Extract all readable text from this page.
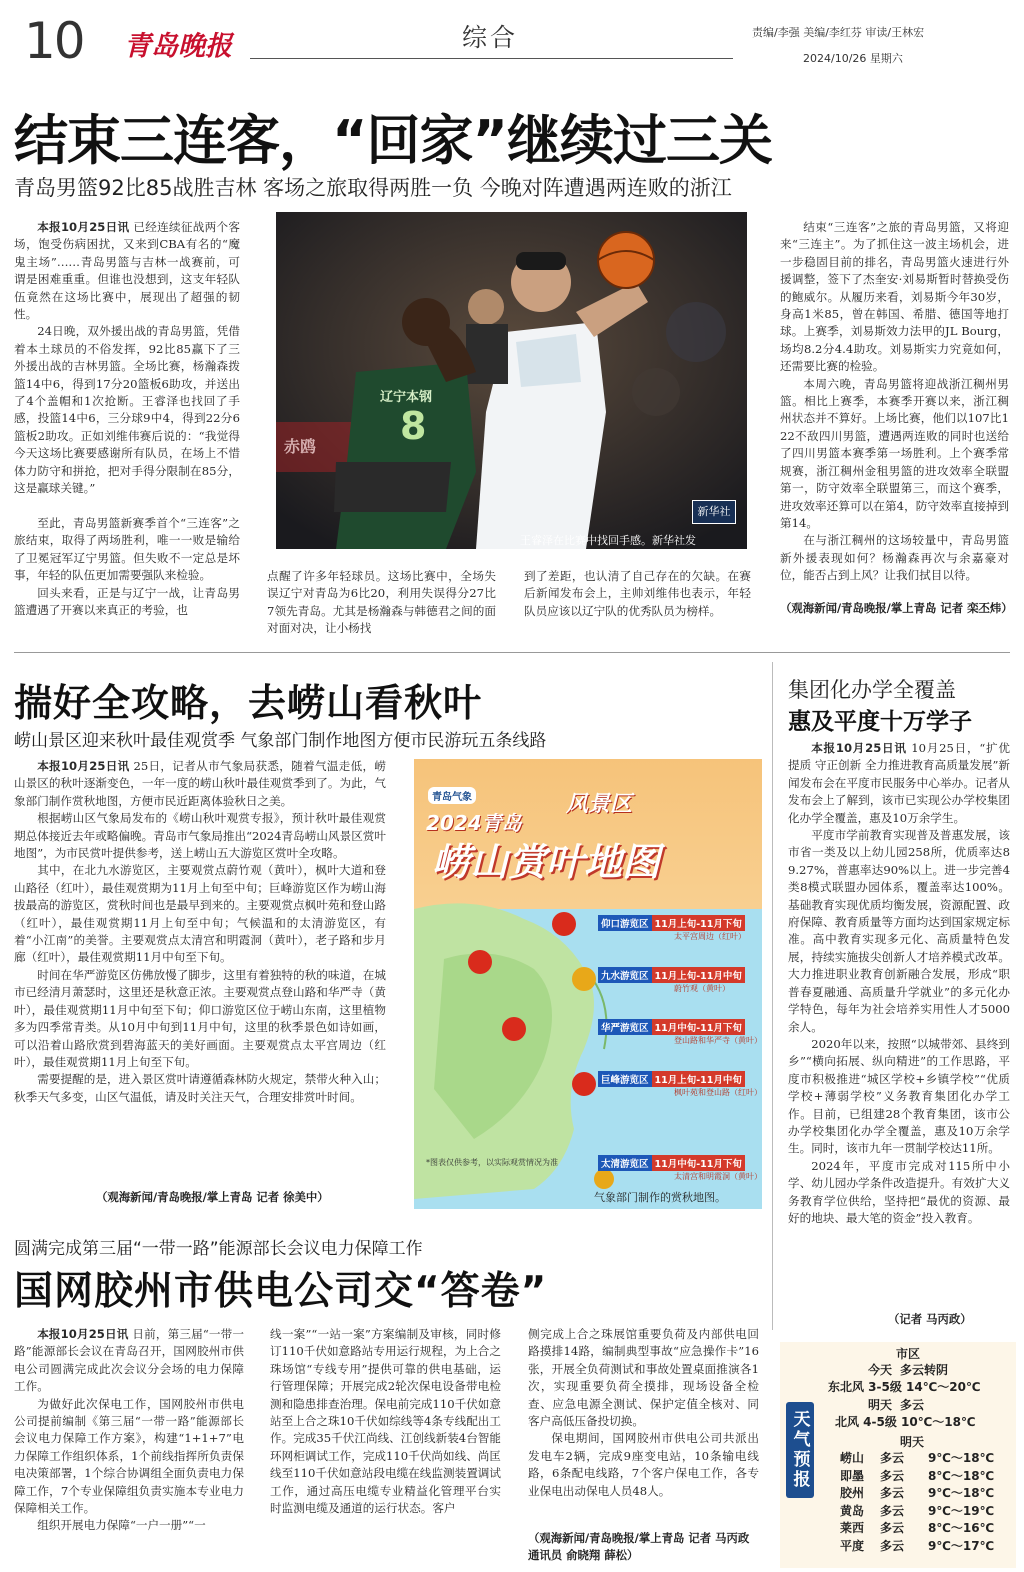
10 青岛晚报	综合	责编/李强 美编/李红芬 审读/王林宏
2024/10/26 星期六
结束三连客，“回家”继续过三关
青岛男篮92比85战胜吉林 客场之旅取得两胜一负 今晚对阵遭遇两连败的浙江

本报10月25日讯 已经连续征战两个客场，饱受伤病困扰，又来到CBA有名的“魔鬼主场”……青岛男篮与吉林一战赛前，可谓是困难重重。但谁也没想到，这支年轻队伍竟然在这场比赛中，展现出了超强的韧性。

24日晚，双外援出战的青岛男篮，凭借着本土球员的不俗发挥，92比85赢下了三外援出战的吉林男篮。全场比赛，杨瀚森拨篮14中6，得到17分20篮板6助攻，并送出了4个盖帽和1次抢断。王睿泽也找回了手感，投篮14中6，三分球9中4，得到22分6篮板2助攻。正如刘维伟赛后说的：“我觉得今天这场比赛要感谢所有队员，在场上不惜体力防守和拼抢，把对手得分限制在85分，这是赢球关键。”

至此，青岛男篮新赛季首个“三连客”之旅结束，取得了两场胜利，唯一一败是输给了卫冕冠军辽宁男篮。但失败不一定总是坏事，年轻的队伍更加需要强队来检验。

回头来看，正是与辽宁一战，让青岛男篮遭遇了开赛以来真正的考验，也

辽宁本钢
8
赤鸥
新华社
王睿泽在比赛中找回手感。新华社发

点醒了许多年轻球员。这场比赛中，全场失误辽宁对青岛为6比20，利用失误得分27比7领先青岛。尤其是杨瀚森与韩德君之间的面对面对决，让小杨找

到了差距，也认清了自己存在的欠缺。在赛后新闻发布会上，主帅刘维伟也表示，年轻队员应该以辽宁队的优秀队员为榜样。

结束“三连客”之旅的青岛男篮，又将迎来“三连主”。为了抓住这一波主场机会，进一步稳固目前的排名，青岛男篮火速进行外援调整，签下了杰奎安·刘易斯暂时替换受伤的鲍威尔。从履历来看，刘易斯今年30岁，身高1米85，曾在韩国、希腊、德国等地打球。上赛季，刘易斯效力法甲的JL Bourg，场均8.2分4.4助攻。刘易斯实力究竟如何，还需要比赛的检验。

本周六晚，青岛男篮将迎战浙江稠州男篮。相比上赛季，本赛季开赛以来，浙江稠州状态并不算好。上场比赛，他们以107比122不敌四川男篮，遭遇两连败的同时也送给了四川男篮本赛季第一场胜利。上个赛季常规赛，浙江稠州金租男篮的进攻效率全联盟第一，防守效率全联盟第三，而这个赛季，进攻效率还算可以在第4，防守效率直接掉到第14。

在与浙江稠州的这场较量中，青岛男篮新外援表现如何？杨瀚森再次与余嘉豪对位，能否占到上风？让我们拭目以待。

（观海新闻/青岛晚报/掌上青岛 记者 栾丕炜）
揣好全攻略，去崂山看秋叶
崂山景区迎来秋叶最佳观赏季 气象部门制作地图方便市民游玩五条线路

本报10月25日讯 25日，记者从市气象局获悉，随着气温走低，崂山景区的秋叶逐渐变色，一年一度的崂山秋叶最佳观赏季到了。为此，气象部门制作赏秋地图，方便市民近距离体验秋日之美。

根据崂山区气象局发布的《崂山秋叶观赏专报》，预计秋叶最佳观赏期总体接近去年或略偏晚。青岛市气象局推出“2024青岛崂山风景区赏叶地图”，为市民赏叶提供参考，送上崂山五大游览区赏叶全攻略。

其中，在北九水游览区，主要观赏点蔚竹观（黄叶），枫叶大道和登山路径（红叶），最佳观赏期为11月上旬至中旬；巨峰游览区作为崂山海拔最高的游览区，赏秋时间也是最早到来的。主要观赏点枫叶苑和登山路（红叶），最佳观赏期11月上旬至中旬；气候温和的太清游览区，有着“小江南”的美誉。主要观赏点太清宫和明霞洞（黄叶），老子路和步月廊（红叶），最佳观赏期11月中旬至下旬。

时间在华严游览区仿佛放慢了脚步，这里有着独特的秋的味道，在城市已经清月萧瑟时，这里还是秋意正浓。主要观赏点登山路和华严寺（黄叶），最佳观赏期11月中旬至下旬；仰口游览区位于崂山东南，这里植物多为四季常青类。从10月中旬到11月中旬，这里的秋季景色如诗如画，可以沿着山路欣赏到碧海蓝天的美好画面。主要观赏点太平宫周边（红叶），最佳观赏期11月上旬至下旬。

需要提醒的是，进入景区赏叶请遵循森林防火规定，禁带火种入山；秋季天气多变，山区气温低，请及时关注天气，合理安排赏叶时间。

（观海新闻/青岛晚报/掌上青岛 记者 徐美中）
青岛气象
2024青岛
风景区
崂山赏叶地图
仰口游览区 11月上旬-11月下旬
太平宫周边（红叶）
九水游览区 11月上旬-11月中旬
蔚竹观（黄叶）
华严游览区 11月中旬-11月下旬
登山路和华严寺（黄叶）
巨峰游览区 11月上旬-11月中旬
枫叶苑和登山路（红叶）
太清游览区 11月中旬-11月下旬
太清宫和明霞洞（黄叶）
*图表仅供参考，以实际观赏情况为准
气象部门制作的赏秋地图。
集团化办学全覆盖
惠及平度十万学子

本报10月25日讯 10月25日，“扩优提质 守正创新 全力推进教育高质量发展”新闻发布会在平度市民服务中心举办。记者从发布会上了解到，该市已实现公办学校集团化办学全覆盖，惠及10万余学生。

平度市学前教育实现普及普惠发展，该市省一类及以上幼儿园258所，优质率达89.27%，普惠率达90%以上。进一步完善4类8模式联盟办园体系，覆盖率达100%。基础教育实现优质均衡发展，资源配置、政府保障、教育质量等方面均达到国家规定标准。高中教育实现多元化、高质量特色发展，持续实施拔尖创新人才培养模式改革。大力推进职业教育创新融合发展，形成“职普春夏融通、高质量升学就业”的多元化办学特色，每年为社会培养实用性人才5000余人。

2020年以来，按照“以城带郊、县终到乡”“横向拓展、纵向精进”的工作思路，平度市积极推进“城区学校+乡镇学校”“优质学校+薄弱学校”义务教育集团化办学工作。目前，已组建28个教育集团，该市公办学校集团化办学全覆盖，惠及10万余学生。同时，该市九年一贯制学校达11所。

2024年，平度市完成对115所中小学、幼儿园办学条件改造提升。有效扩大义务教育学位供给，坚持把“最优的资源、最好的地块、最大笔的资金”投入教育。

（记者 马丙政）
圆满完成第三届“一带一路”能源部长会议电力保障工作
国网胶州市供电公司交“答卷”

本报10月25日讯 日前，第三届“一带一路”能源部长会议在青岛召开，国网胶州市供电公司圆满完成此次会议分会场的电力保障工作。

为做好此次保电工作，国网胶州市供电公司提前编制《第三届“一带一路”能源部长会议电力保障工作方案》，构建“1+1+7”电力保障工作组织体系，1个前线指挥所负责保电决策部署，1个综合协调组全面负责电力保障工作，7个专业保障组负责实施本专业电力保障相关工作。

组织开展电力保障“一户一册”“一

线一案”“一站一案”方案编制及审核，同时修订110千伏如意路站专用运行规程，为上合之珠场馆“专线专用”提供可靠的供电基础，运行管理保障；开展完成2轮次保电设备带电检测和隐患排查治理。保电前完成110千伏如意站至上合之珠10千伏如综线等4条专线配出工作。完成35千伏江尚线、江创线新装4台智能环网柜调试工作，完成110千伏尚如线、尚匡线至110千伏如意站段电缆在线监测装置调试工作，通过高压电缆专业精益化管理平台实时监测电缆及通道的运行状态。客户

侧完成上合之珠展馆重要负荷及内部供电回路摸排14路，编制典型事故“应急操作卡”16张，开展全负荷测试和事故处置桌面推演各1次，实现重要负荷全摸排，现场设备全检查、应急电源全测试、保护定值全核对、同客户高低压备投切换。

保电期间，国网胶州市供电公司共派出发电车2辆，完成9座变电站，10条输电线路，6条配电线路，7个客户保电工作，各专业保电出动保电人员48人。

（观海新闻/青岛晚报/掌上青岛 记者 马丙政 通讯员 俞晓翔 薛松）
天气预报
市区
今天 多云转阴
东北风 3-5级 14℃～20℃
明天 多云
北风 4-5级 10℃～18℃
明天
崂山	多云	9℃～18℃
即墨	多云	8℃～18℃
胶州	多云	9℃～18℃
黄岛	多云	9℃～19℃
莱西	多云	8℃～16℃
平度	多云	9℃～17℃
